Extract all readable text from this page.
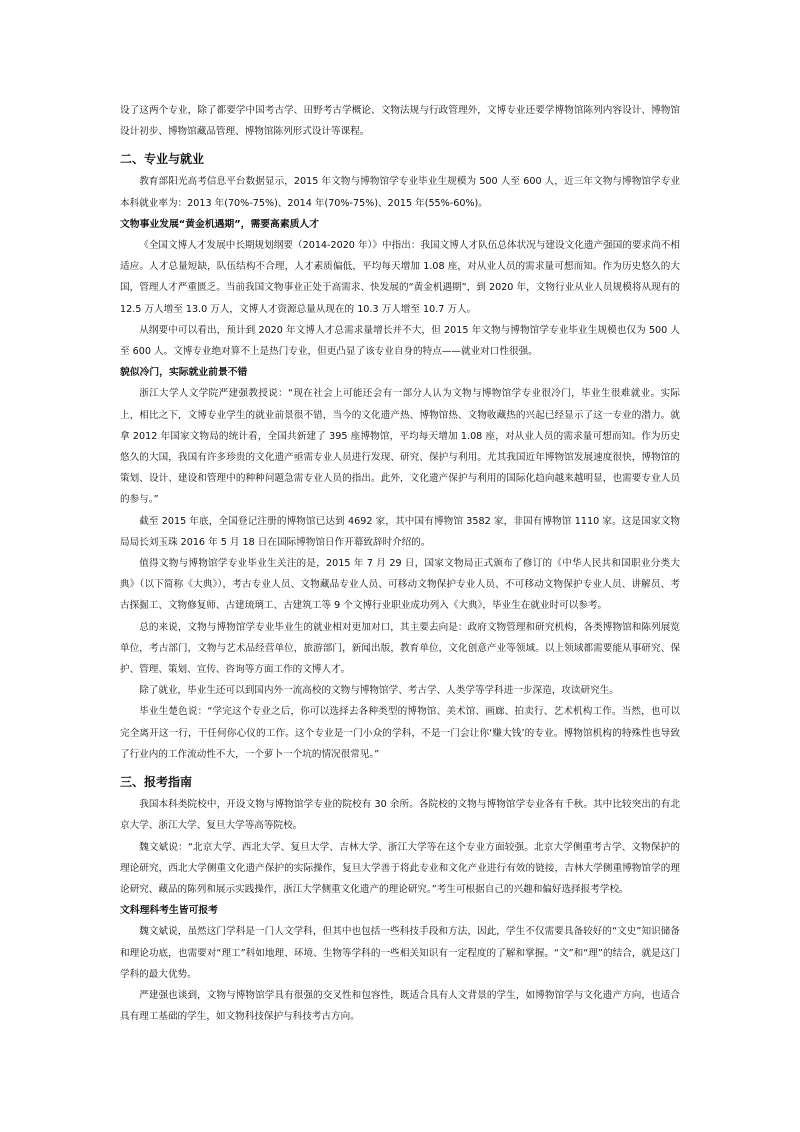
设了这两个专业，除了都要学中国考古学、田野考古学概论、文物法规与行政管理外，文博专业还要学博物馆陈列内容设计、博物馆设计初步、博物馆藏品管理、博物馆陈列形式设计等课程。

二、专业与就业

教育部阳光高考信息平台数据显示，2015 年文物与博物馆学专业毕业生规模为 500 人至 600 人，近三年文物与博物馆学专业本科就业率为：2013 年(70%-75%)、2014 年(70%-75%)、2015 年(55%-60%)。

文物事业发展“黄金机遇期”，需要高素质人才

《全国文博人才发展中长期规划纲要（2014-2020 年）》中指出：我国文博人才队伍总体状况与建设文化遗产强国的要求尚不相适应。人才总量短缺，队伍结构不合理，人才素质偏低，平均每天增加 1.08 座，对从业人员的需求量可想而知。作为历史悠久的大国，管理人才严重匮乏。当前我国文物事业正处于高需求、快发展的“黄金机遇期”，到 2020 年，文物行业从业人员规模将从现有的 12.5 万人增至 13.0 万人，文博人才资源总量从现在的 10.3 万人增至 10.7 万人。

从纲要中可以看出，预计到 2020 年文博人才总需求量增长并不大，但 2015 年文物与博物馆学专业毕业生规模也仅为 500 人至 600 人。文博专业绝对算不上是热门专业，但更凸显了该专业自身的特点——就业对口性很强。

貌似冷门，实际就业前景不错

浙江大学人文学院严建强教授说：“现在社会上可能还会有一部分人认为文物与博物馆学专业很冷门，毕业生很难就业。实际上，相比之下，文博专业学生的就业前景很不错，当今的文化遗产热、博物馆热、文物收藏热的兴起已经显示了这一专业的潜力。就拿 2012 年国家文物局的统计看，全国共新建了 395 座博物馆，平均每天增加 1.08 座，对从业人员的需求量可想而知。作为历史悠久的大国，我国有许多珍贵的文化遗产亟需专业人员进行发现、研究、保护与利用。尤其我国近年博物馆发展速度很快，博物馆的策划、设计、建设和管理中的种种问题急需专业人员的指出。此外，文化遗产保护与利用的国际化趋向越来越明显，也需要专业人员的参与。”

截至 2015 年底，全国登记注册的博物馆已达到 4692 家，其中国有博物馆 3582 家，非国有博物馆 1110 家。这是国家文物局局长刘玉珠 2016 年 5 月 18 日在国际博物馆日作开幕致辞时介绍的。

值得文物与博物馆学专业毕业生关注的是，2015 年 7 月 29 日，国家文物局正式颁布了修订的《中华人民共和国职业分类大典》（以下简称《大典》），考古专业人员、文物藏品专业人员、可移动文物保护专业人员、不可移动文物保护专业人员、讲解员、考古探掘工、文物修复师、古建琉璃工、古建筑工等 9 个文博行业职业成功列入《大典》，毕业生在就业时可以参考。

总的来说，文物与博物馆学专业毕业生的就业相对更加对口，其主要去向是：政府文物管理和研究机构，各类博物馆和陈列展览单位，考古部门，文物与艺术品经营单位，旅游部门，新闻出版，教育单位，文化创意产业等领域。以上领域都需要能从事研究、保护、管理、策划、宣传、咨询等方面工作的文博人才。

除了就业，毕业生还可以到国内外一流高校的文物与博物馆学、考古学、人类学等学科进一步深造，攻读研究生。

毕业生楚色说：“学完这个专业之后，你可以选择去各种类型的博物馆、美术馆、画廊、拍卖行、艺术机构工作。当然，也可以完全离开这一行，干任何你心仪的工作。这个专业是一门小众的学科，不是一门会让你‘赚大钱’的专业。博物馆机构的特殊性也导致了行业内的工作流动性不大，一个萝卜一个坑的情况很常见。”

三、报考指南

我国本科类院校中，开设文物与博物馆学专业的院校有 30 余所。各院校的文物与博物馆学专业各有千秋。其中比较突出的有北京大学、浙江大学、复旦大学等高等院校。

魏文斌说：“北京大学、西北大学、复旦大学、吉林大学、浙江大学等在这个专业方面较强。北京大学侧重考古学、文物保护的理论研究，西北大学侧重文化遗产保护的实际操作，复旦大学善于将此专业和文化产业进行有效的链接，吉林大学侧重博物馆学的理论研究、藏品的陈列和展示实践操作，浙江大学侧重文化遗产的理论研究。”考生可根据自己的兴趣和偏好选择报考学校。

文科理科考生皆可报考

魏文斌说，虽然这门学科是一门人文学科，但其中也包括一些科技手段和方法，因此，学生不仅需要具备较好的“文史”知识储备和理论功底，也需要对“理工”科如地理、环境、生物等学科的一些相关知识有一定程度的了解和掌握。“文”和“理”的结合，就是这门学科的最大优势。

严建强也谈到，文物与博物馆学具有很强的交叉性和包容性，既适合具有人文背景的学生，如博物馆学与文化遗产方向，也适合具有理工基础的学生，如文物科技保护与科技考古方向。
